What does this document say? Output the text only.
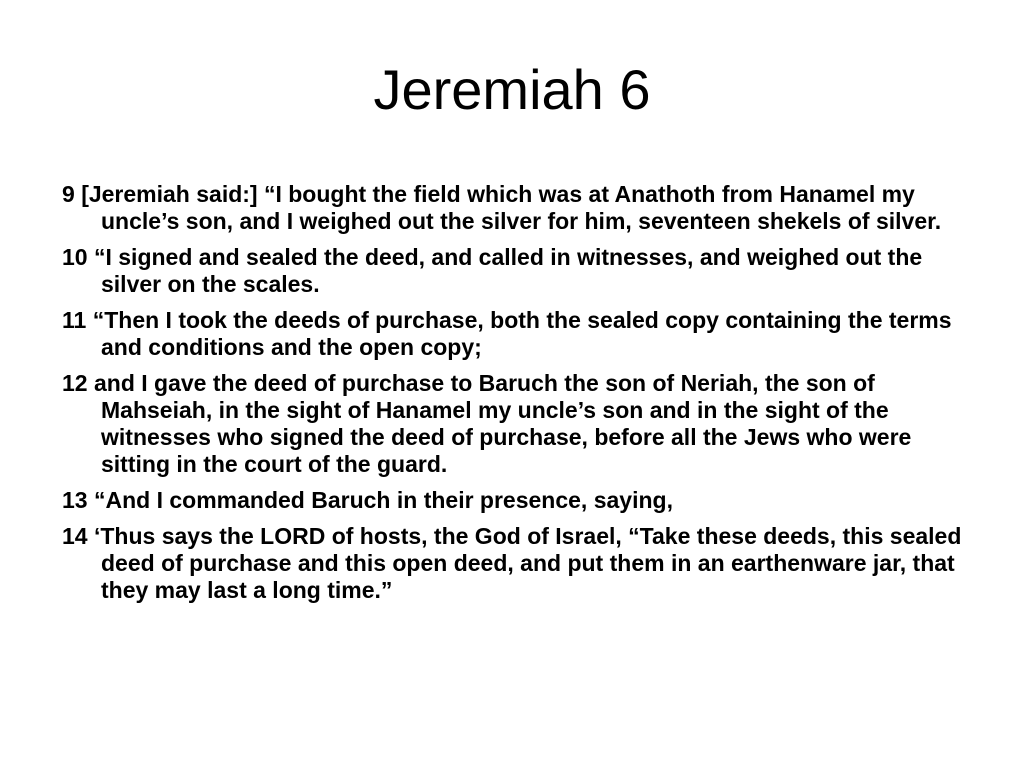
Jeremiah 6
9 [Jeremiah said:] “I bought the field which was at Anathoth from Hanamel my uncle’s son, and I weighed out the silver for him, seventeen shekels of silver.
10 “I signed and sealed the deed, and called in witnesses, and weighed out the silver on the scales.
11 “Then I took the deeds of purchase, both the sealed copy containing the terms and conditions and the open copy;
12 and I gave the deed of purchase to Baruch the son of Neriah, the son of Mahseiah, in the sight of Hanamel my uncle’s son and in the sight of the witnesses who signed the deed of purchase, before all the Jews who were sitting in the court of the guard.
13 “And I commanded Baruch in their presence, saying,
14 ‘Thus says the LORD of hosts, the God of Israel, “Take these deeds, this sealed deed of purchase and this open deed, and put them in an earthenware jar, that they may last a long time.”
